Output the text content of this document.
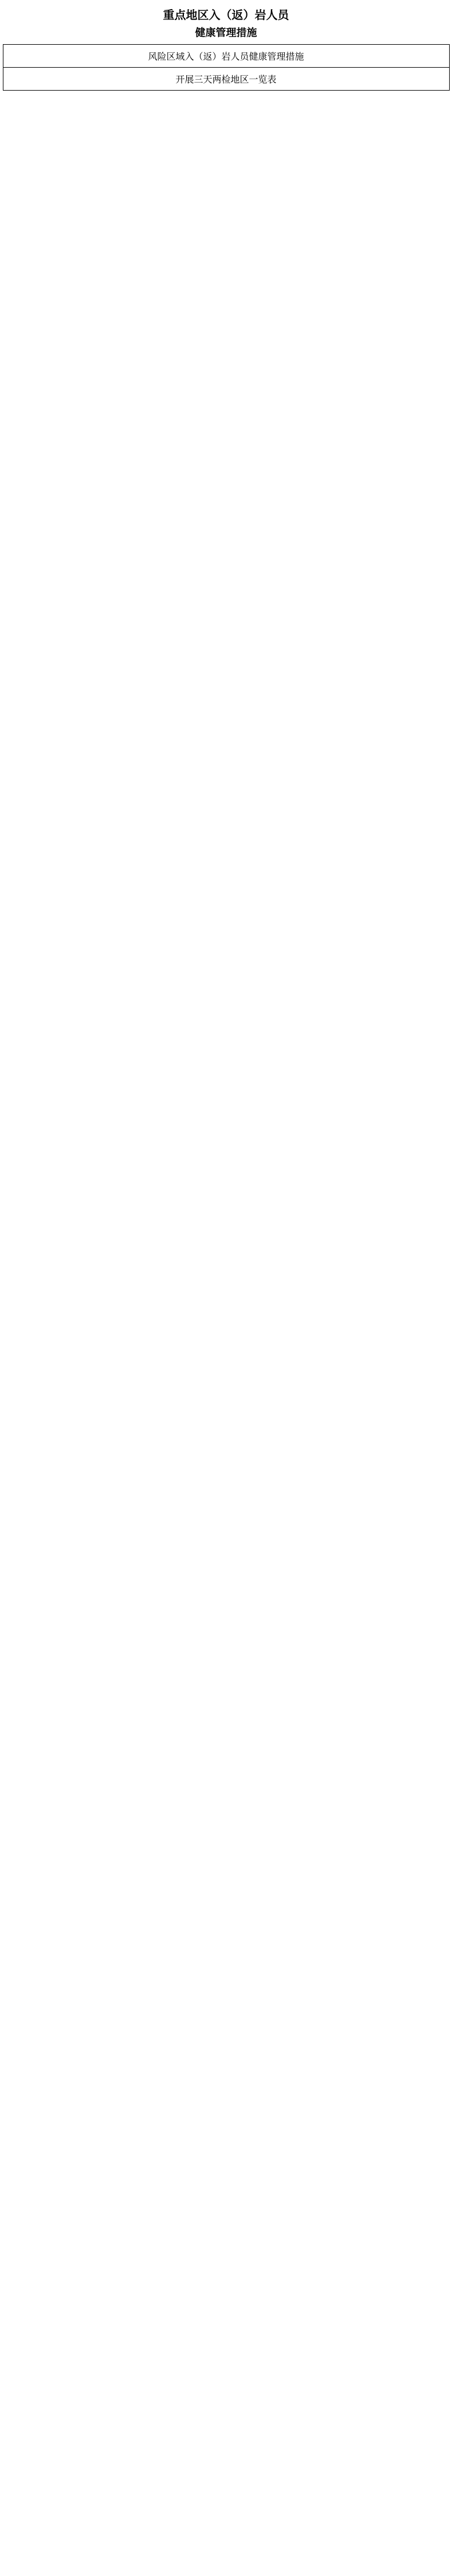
重点地区入（返）岩人员
健康管理措施
风险区域入（返）岩人员健康管理措施
开展三天两检地区一览表
